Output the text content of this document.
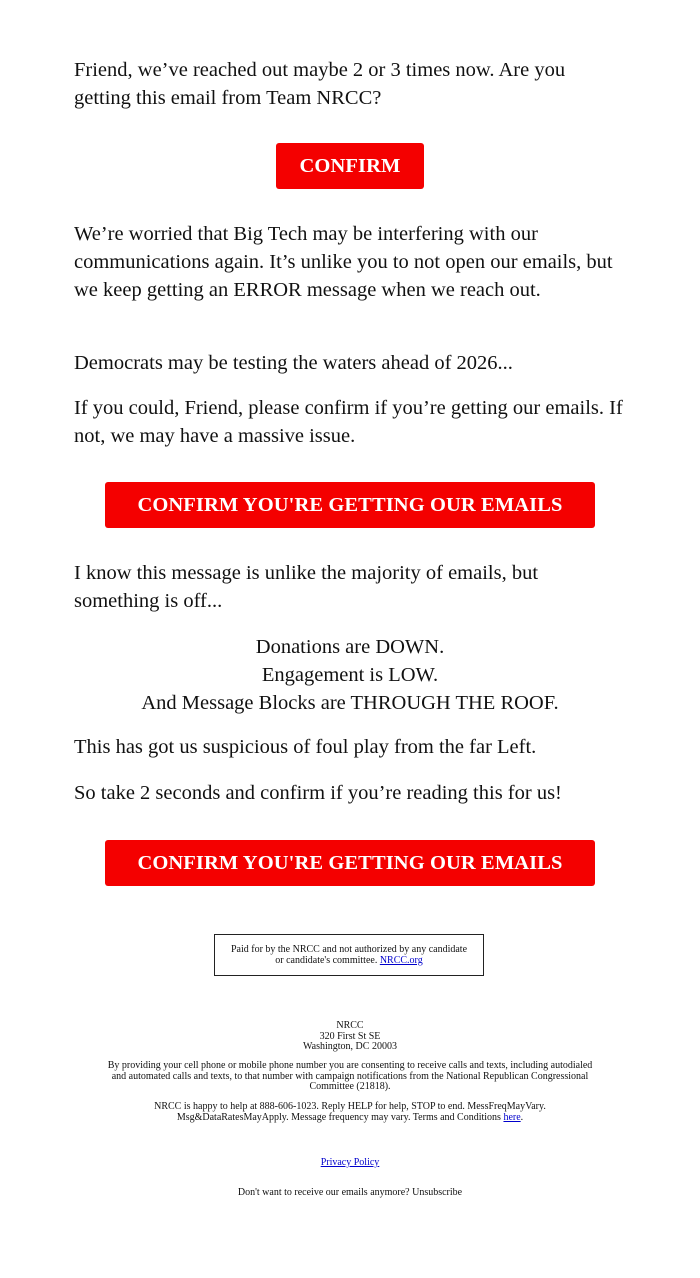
Friend, we’ve reached out maybe 2 or 3 times now. Are you getting this email from Team NRCC?

CONFIRM

We’re worried that Big Tech may be interfering with our communications again. It’s unlike you to not open our emails, but we keep getting an ERROR message when we reach out.

Democrats may be testing the waters ahead of 2026...

If you could, Friend, please confirm if you’re getting our emails. If not, we may have a massive issue.

CONFIRM YOU'RE GETTING OUR EMAILS

I know this message is unlike the majority of emails, but something is off...

Donations are DOWN.
Engagement is LOW.
And Message Blocks are THROUGH THE ROOF.

This has got us suspicious of foul play from the far Left.

So take 2 seconds and confirm if you’re reading this for us!

CONFIRM YOU'RE GETTING OUR EMAILS
Paid for by the NRCC and not authorized by any candidate or candidate's committee. NRCC.org
NRCC
320 First St SE
Washington, DC 20003
By providing your cell phone or mobile phone number you are consenting to receive calls and texts, including autodialed and automated calls and texts, to that number with campaign notifications from the National Republican Congressional Committee (21818).
NRCC is happy to help at 888-606-1023. Reply HELP for help, STOP to end. MessFreqMayVary. Msg&DataRatesMayApply. Message frequency may vary. Terms and Conditions here.
Privacy Policy
Don't want to receive our emails anymore? Unsubscribe
